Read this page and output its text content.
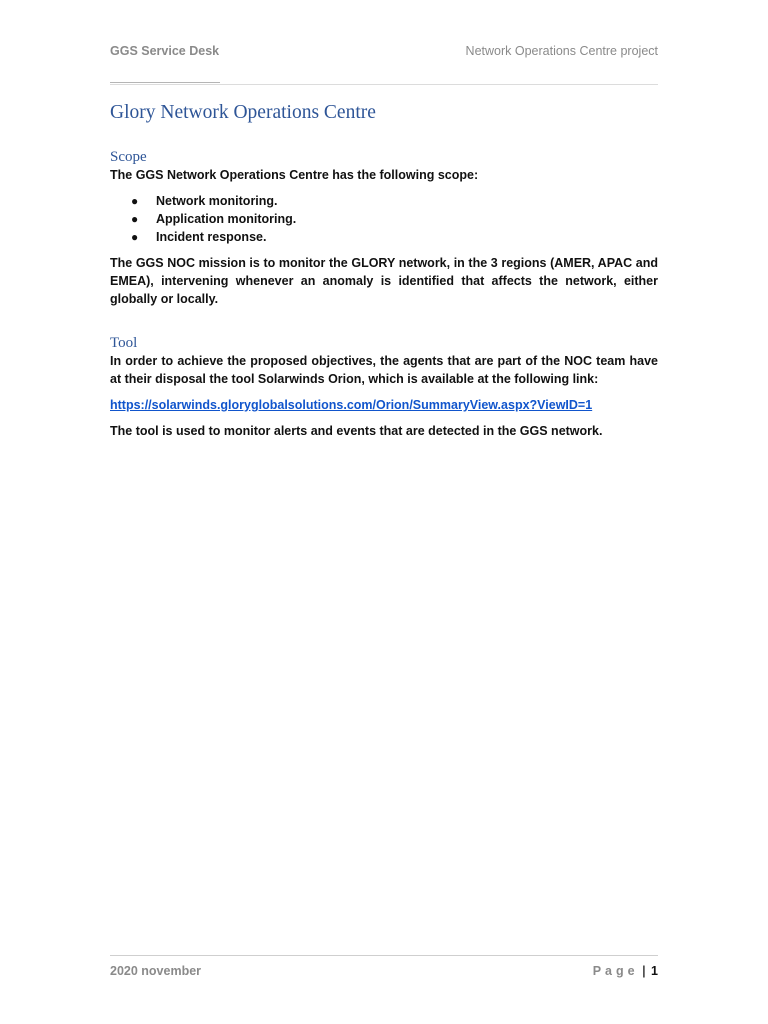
GGS Service Desk	Network Operations Centre project
Glory Network Operations Centre
Scope

The GGS Network Operations Centre has the following scope:

● Network monitoring.
● Application monitoring.
● Incident response.

The GGS NOC mission is to monitor the GLORY network, in the 3 regions (AMER, APAC and EMEA), intervening whenever an anomaly is identified that affects the network, either globally or locally.

Tool

In order to achieve the proposed objectives, the agents that are part of the NOC team have at their disposal the tool Solarwinds Orion, which is available at the following link:

https://solarwinds.gloryglobalsolutions.com/Orion/SummaryView.aspx?ViewID=1

The tool is used to monitor alerts and events that are detected in the GGS network.

2020 november	Page | 1
